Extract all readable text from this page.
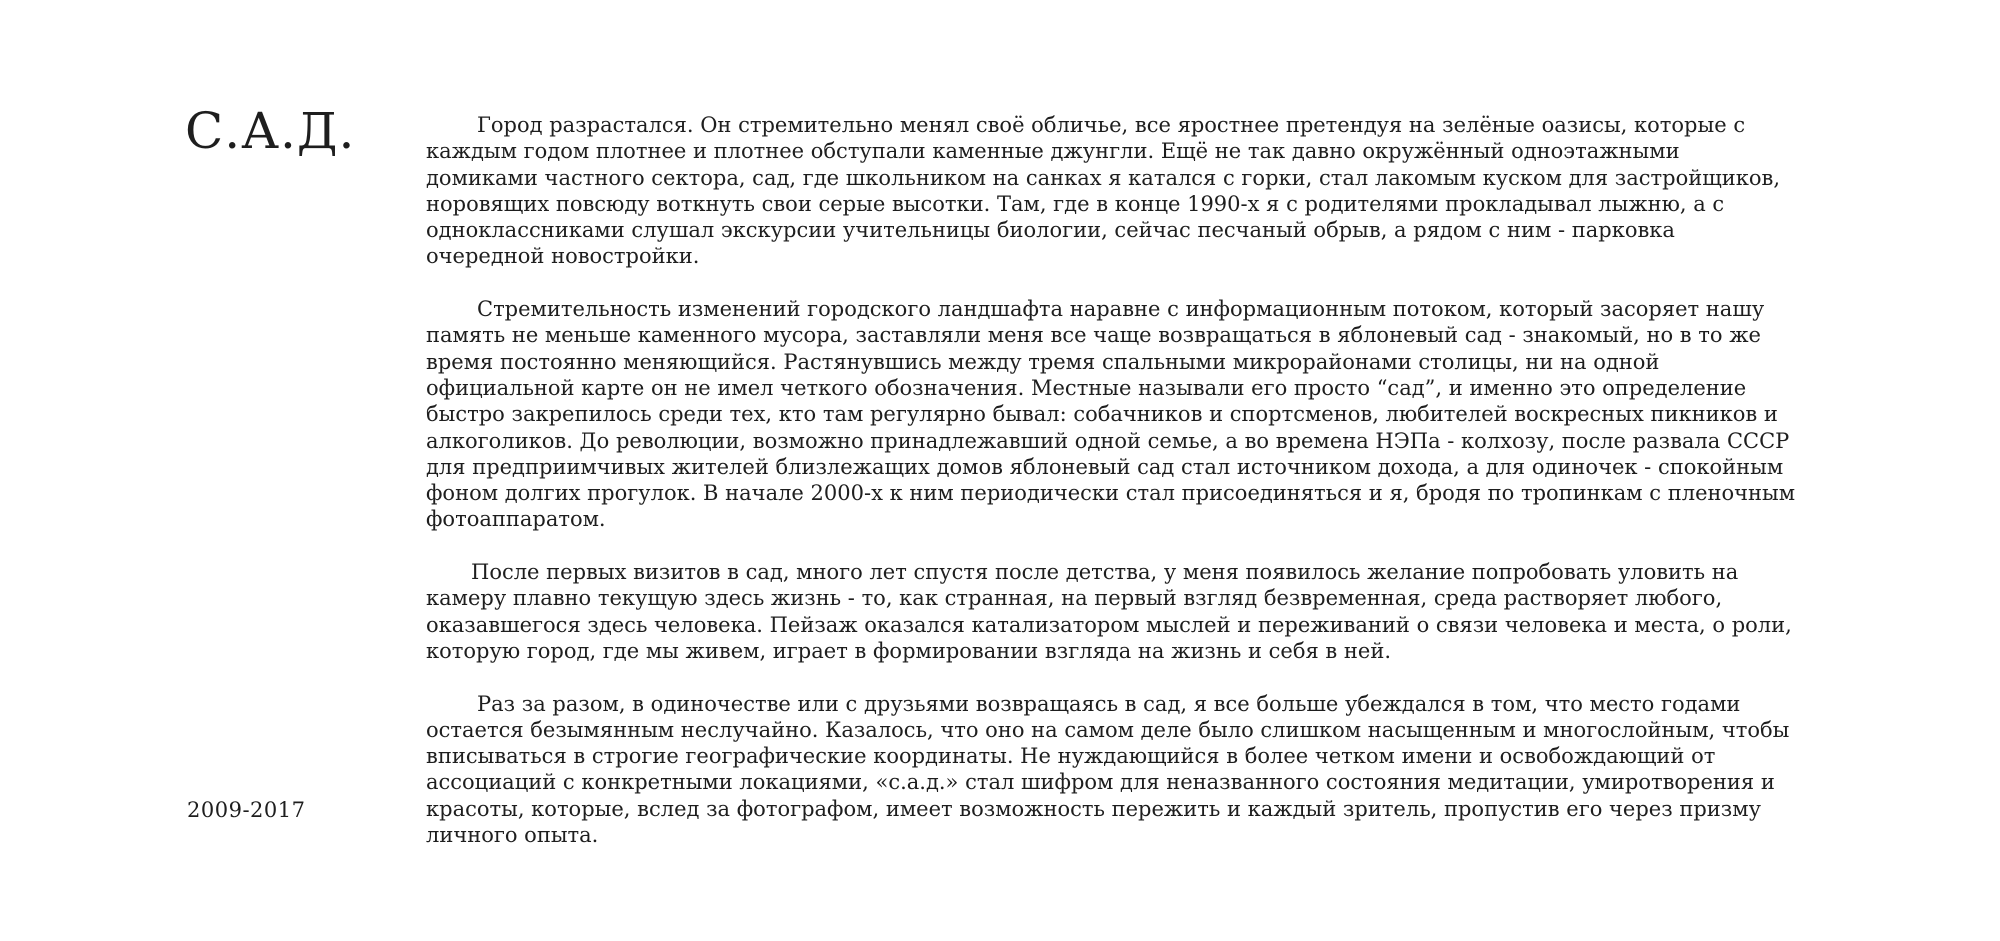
С.А.Д.
2009-2017

Город разрастался. Он стремительно менял своё обличье, все яростнее претендуя на зелёные оазисы, которые с каждым годом плотнее и плотнее обступали каменные джунгли. Ещё не так давно окружённый одноэтажными домиками частного сектора, сад, где школьником на санках я катался с горки, стал лакомым куском для застройщиков, норовящих повсюду воткнуть свои серые высотки. Там, где в конце 1990-х я с родителями прокладывал лыжню, а с одноклассниками слушал экскурсии учительницы биологии, сейчас песчаный обрыв, а рядом с ним - парковка очередной новостройки.

Стремительность изменений городского ландшафта наравне с информационным потоком, который засоряет нашу память не меньше каменного мусора, заставляли меня все чаще возвращаться в яблоневый сад - знакомый, но в то же время постоянно меняющийся. Растянувшись между тремя спальными микрорайонами столицы, ни на одной официальной карте он не имел четкого обозначения. Местные называли его просто “сад”, и именно это определение быстро закрепилось среди тех, кто там регулярно бывал: собачников и спортсменов, любителей воскресных пикников и алкоголиков. До революции, возможно принадлежавший одной семье, а во времена НЭПа - колхозу, после развала СССР для предприимчивых жителей близлежащих домов яблоневый сад стал источником дохода, а для одиночек - спокойным фоном долгих прогулок. В начале 2000-х к ним периодически стал присоединяться и я, бродя по тропинкам с пленочным фотоаппаратом.

После первых визитов в сад, много лет спустя после детства, у меня появилось желание попробовать уловить на камеру плавно текущую здесь жизнь - то, как странная, на первый взгляд безвременная, среда растворяет любого, оказавшегося здесь человека. Пейзаж оказался катализатором мыслей и переживаний о связи человека и места, о роли, которую город, где мы живем, играет в формировании взгляда на жизнь и себя в ней.

Раз за разом, в одиночестве или с друзьями возвращаясь в сад, я все больше убеждался в том, что место годами остается безымянным неслучайно. Казалось, что оно на самом деле было слишком насыщенным и многослойным, чтобы вписываться в строгие географические координаты. Не нуждающийся в более четком имени и освобождающий от ассоциаций с конкретными локациями, «с.а.д.» стал шифром для неназванного состояния медитации, умиротворения и красоты, которые, вслед за фотографом, имеет возможность пережить и каждый зритель, пропустив его через призму личного опыта.
